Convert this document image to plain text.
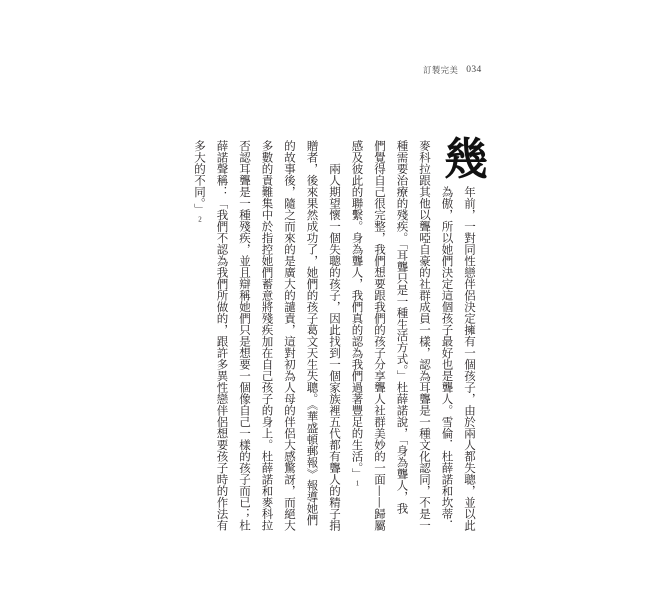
訂製完美 034
幾
年前，一對同性戀伴侶決定擁有一個孩子，由於兩人都失聰，並以此
為傲，所以她們決定這個孩子最好也是聾人。雪倫．杜薛諾和坎蒂．
麥科拉跟其他以聾啞自豪的社群成員一樣，認為耳聾是一種文化認同，不是一
種需要治療的殘疾。「耳聾只是一種生活方式。」杜薛諾說，「身為聾人，我
們覺得自己很完整，我們想要跟我們的孩子分享聾人社群美妙的一面——歸屬
感及彼此的聯繫。身為聾人，我們真的認為我們過著豐足的生活。」1
兩人期望懷一個失聰的孩子，因此找到一個家族裡五代都有聾人的精子捐
贈者，後來果然成功了，她們的孩子葛文天生失聰。《華盛頓郵報》報導她們
的故事後，隨之而來的是廣大的譴責，這對初為人母的伴侶大感驚訝，而絕大
多數的責難集中於指控她們蓄意將殘疾加在自己孩子的身上。杜薛諾和麥科拉
否認耳聾是一種殘疾，並且辯稱她們只是想要一個像自己一樣的孩子而已；杜
薛諾聲稱：「我們不認為我們所做的，跟許多異性戀伴侶想要孩子時的作法有
多大的不同。」2
